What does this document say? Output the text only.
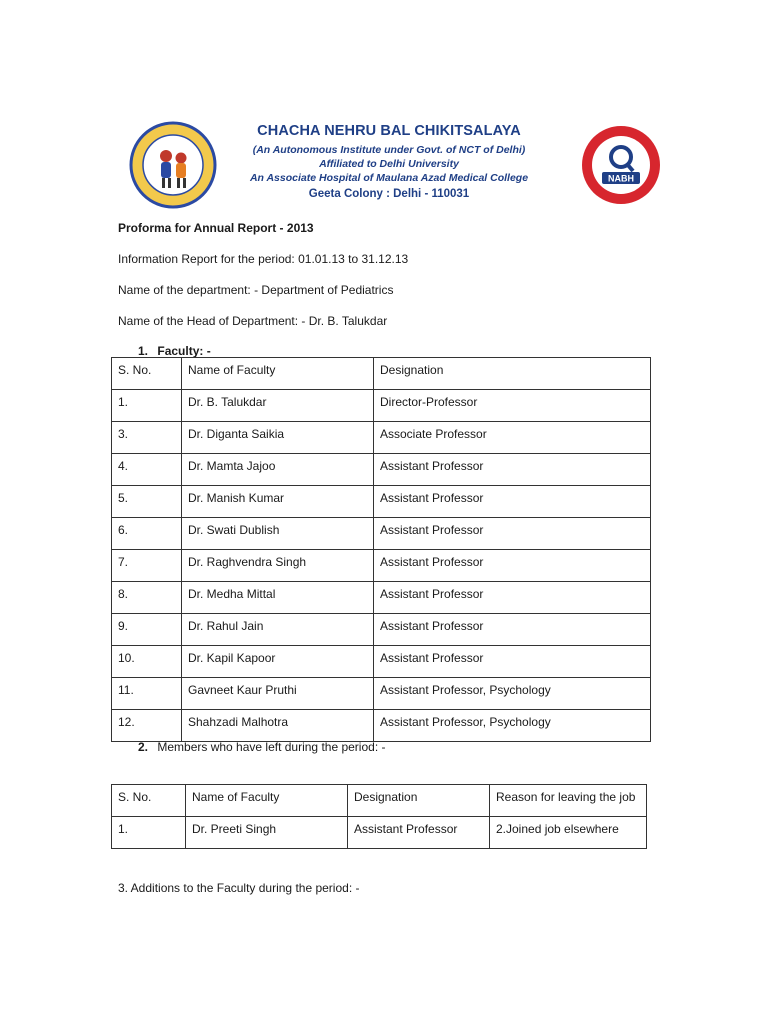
CHACHA NEHRU BAL CHIKITSALAYA
(An Autonomous Institute under Govt. of NCT of Delhi)
Affiliated to Delhi University
An Associate Hospital of Maulana Azad Medical College
Geeta Colony : Delhi - 110031
NABH
Proforma for Annual Report - 2013
Information Report for the period: 01.01.13 to 31.12.13
Name of the department: - Department of Pediatrics
Name of the Head of Department: - Dr. B. Talukdar
1. Faculty: -
S. No.	Name of Faculty	Designation
1.	Dr. B. Talukdar	Director-Professor
3.	Dr. Diganta Saikia	Associate Professor
4.	Dr. Mamta Jajoo	Assistant Professor
5.	Dr. Manish Kumar	Assistant Professor
6.	Dr. Swati Dublish	Assistant Professor
7.	Dr. Raghvendra Singh	Assistant Professor
8.	Dr. Medha Mittal	Assistant Professor
9.	Dr. Rahul Jain	Assistant Professor
10.	Dr. Kapil Kapoor	Assistant Professor
11.	Gavneet Kaur Pruthi	Assistant Professor, Psychology
12.	Shahzadi Malhotra	Assistant Professor, Psychology
2. Members who have left during the period: -
S. No.	Name of Faculty	Designation	Reason for leaving the job
1.	Dr. Preeti Singh	Assistant Professor	2.Joined job elsewhere
3. Additions to the Faculty during the period: -
